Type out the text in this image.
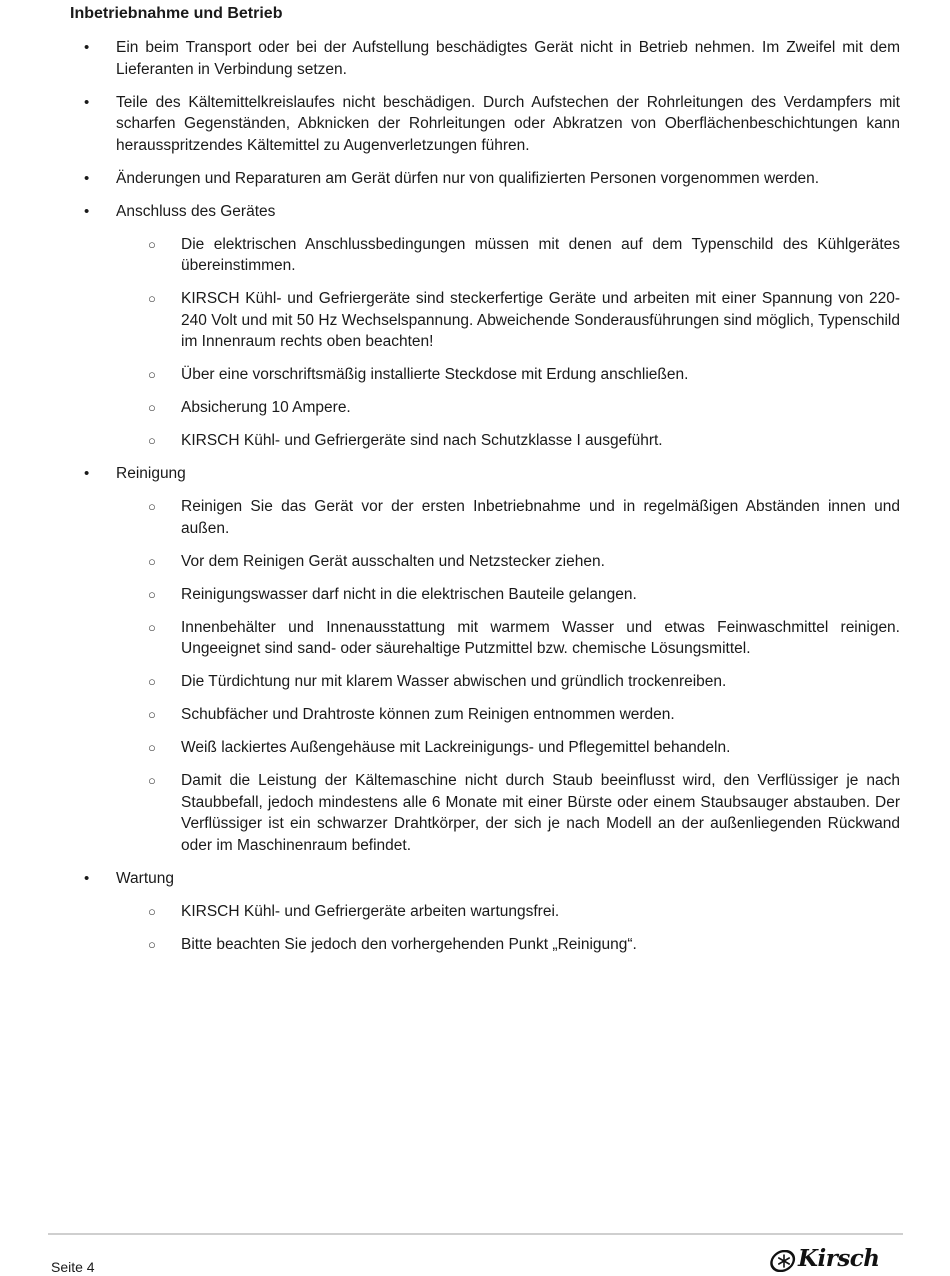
Inbetriebnahme und Betrieb
• Ein beim Transport oder bei der Aufstellung beschädigtes Gerät nicht in Betrieb nehmen. Im Zweifel mit dem Lieferanten in Verbindung setzen.
• Teile des Kältemittelkreislaufes nicht beschädigen. Durch Aufstechen der Rohrleitungen des Verdampfers mit scharfen Gegenständen, Abknicken der Rohrleitungen oder Abkratzen von Oberflächenbeschichtungen kann herausspritzendes Kältemittel zu Augenverletzungen führen.
• Änderungen und Reparaturen am Gerät dürfen nur von qualifizierten Personen vorgenommen werden.
• Anschluss des Gerätes
○ Die elektrischen Anschlussbedingungen müssen mit denen auf dem Typenschild des Kühlgerätes übereinstimmen.
○ KIRSCH Kühl- und Gefriergeräte sind steckerfertige Geräte und arbeiten mit einer Spannung von 220-240 Volt und mit 50 Hz Wechselspannung. Abweichende Sonderausführungen sind möglich, Typenschild im Innenraum rechts oben beachten!
○ Über eine vorschriftsmäßig installierte Steckdose mit Erdung anschließen.
○ Absicherung 10 Ampere.
○ KIRSCH Kühl- und Gefriergeräte sind nach Schutzklasse I ausgeführt.
• Reinigung
○ Reinigen Sie das Gerät vor der ersten Inbetriebnahme und in regelmäßigen Abständen innen und außen.
○ Vor dem Reinigen Gerät ausschalten und Netzstecker ziehen.
○ Reinigungswasser darf nicht in die elektrischen Bauteile gelangen.
○ Innenbehälter und Innenausstattung mit warmem Wasser und etwas Feinwaschmittel reinigen. Ungeeignet sind sand- oder säurehaltige Putzmittel bzw. chemische Lösungsmittel.
○ Die Türdichtung nur mit klarem Wasser abwischen und gründlich trockenreiben.
○ Schubfächer und Drahtroste können zum Reinigen entnommen werden.
○ Weiß lackiertes Außengehäuse mit Lackreinigungs- und Pflegemittel behandeln.
○ Damit die Leistung der Kältemaschine nicht durch Staub beeinflusst wird, den Verflüssiger je nach Staubbefall, jedoch mindestens alle 6 Monate mit einer Bürste oder einem Staubsauger abstauben. Der Verflüssiger ist ein schwarzer Drahtkörper, der sich je nach Modell an der außenliegenden Rückwand oder im Maschinenraum befindet.
• Wartung
○ KIRSCH Kühl- und Gefriergeräte arbeiten wartungsfrei.
○ Bitte beachten Sie jedoch den vorhergehenden Punkt „Reinigung“.
Seite 4	Kirsch
